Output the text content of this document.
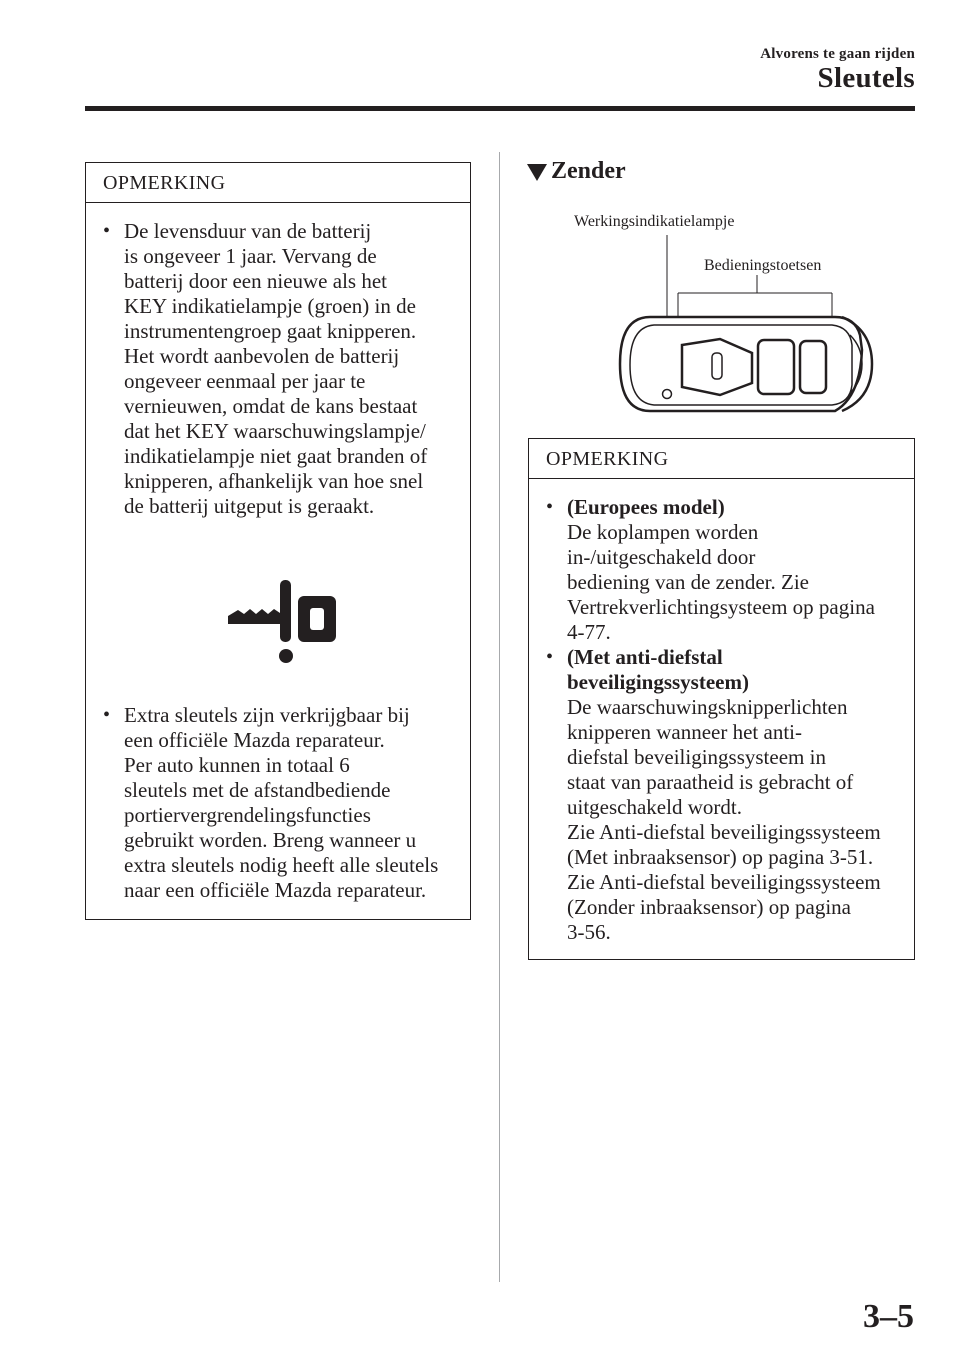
Alvorens te gaan rijden
Sleutels
OPMERKING
• De levensduur van de batterij
is ongeveer 1 jaar. Vervang de
batterij door een nieuwe als het
KEY indikatielampje (groen) in de
instrumentengroep gaat knipperen.
Het wordt aanbevolen de batterij
ongeveer eenmaal per jaar te
vernieuwen, omdat de kans bestaat
dat het KEY waarschuwingslampje/
indikatielampje niet gaat branden of
knipperen, afhankelijk van hoe snel
de batterij uitgeput is geraakt.
• Extra sleutels zijn verkrijgbaar bij
een officiële Mazda reparateur.
Per auto kunnen in totaal 6
sleutels met de afstandbediende
portiervergrendelingsfuncties
gebruikt worden. Breng wanneer u
extra sleutels nodig heeft alle sleutels
naar een officiële Mazda reparateur.
Zender
Werkingsindikatielampje
Bedieningstoetsen
OPMERKING
• (Europees model)
De koplampen worden
in-/uitgeschakeld door
bediening van de zender. Zie
Vertrekverlichtingsysteem op pagina
4-77.
• (Met anti-diefstal
beveiligingssysteem)
De waarschuwingsknipperlichten
knipperen wanneer het anti-
diefstal beveiligingssysteem in
staat van paraatheid is gebracht of
uitgeschakeld wordt.
Zie Anti-diefstal beveiligingssysteem
(Met inbraaksensor) op pagina 3-51.
Zie Anti-diefstal beveiligingssysteem
(Zonder inbraaksensor) op pagina
3-56.
3–5
